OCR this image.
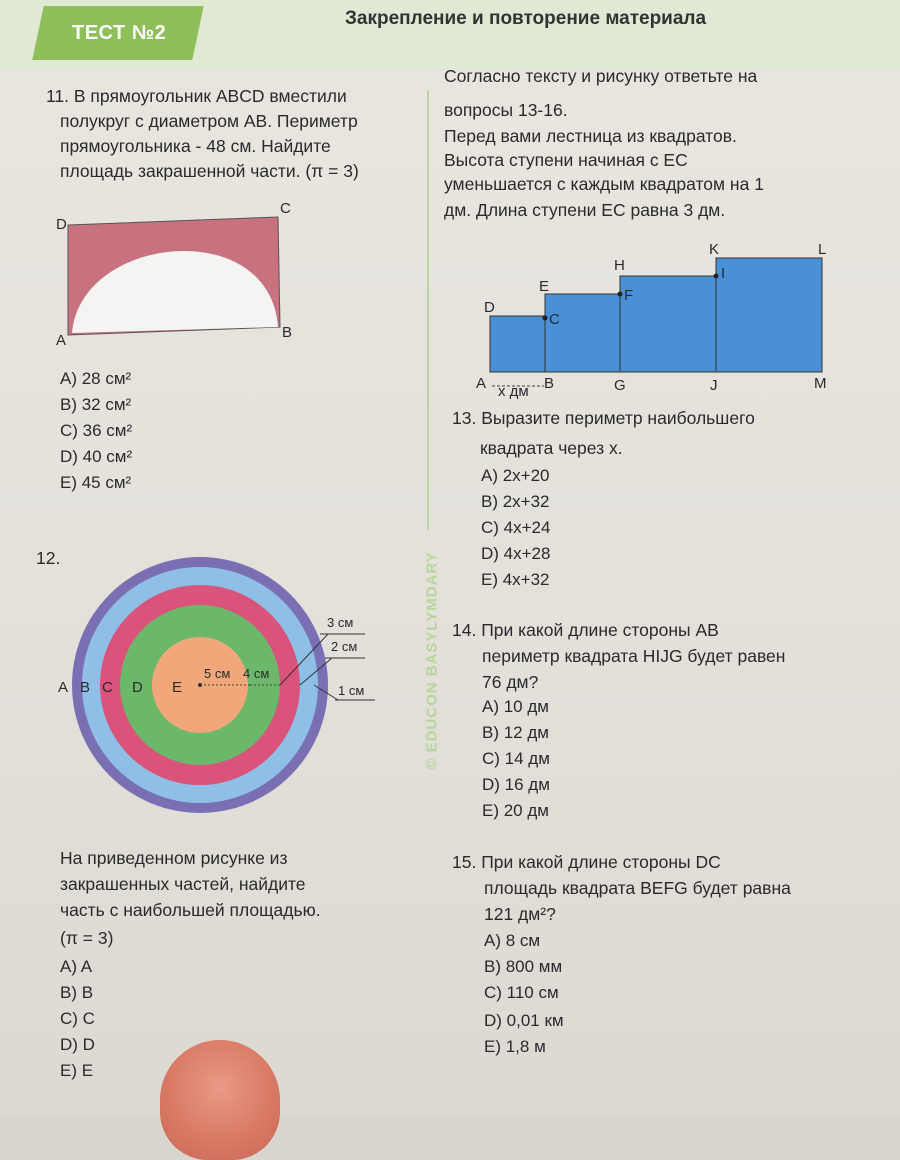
ТЕСТ №2
Закрепление и повторение материала
11. В прямоугольник ABCD вместили
полукруг с диаметром AB. Периметр
прямоугольника - 48 см. Найдите
площадь закрашенной части. (π = 3)
D
C
A	B
A) 28 см²
B) 32 см²
C) 36 см²
D) 40 см²
E) 45 см²
© EDUCON BASYLYMDARY
Согласно тексту и рисунку ответьте на
вопросы 13-16.
Перед вами лестница из квадратов.
Высота ступени начиная с EC
уменьшается с каждым квадратом на 1
дм. Длина ступени EC равна 3 дм.
D
E
C
H
F
K
I
L
A x дм B	G	J	M
13. Выразите периметр наибольшего
квадрата через x.
A) 2x+20
B) 2x+32
C) 4x+24
D) 4x+28
E) 4x+32
12.
A B C D E
3 см
2 см
1 см
5 см 4 см
На приведенном рисунке из
закрашенных частей, найдите
часть с наибольшей площадью.
(π = 3)
A) A
B) B
C) C
D) D
E) E
14. При какой длине стороны AB
периметр квадрата HIJG будет равен
76 дм?
A) 10 дм
B) 12 дм
C) 14 дм
D) 16 дм
E) 20 дм
15. При какой длине стороны DC
площадь квадрата BEFG будет равна
121 дм²?
A) 8 см
B) 800 мм
C) 110 см
D) 0,01 км
E) 1,8 м
